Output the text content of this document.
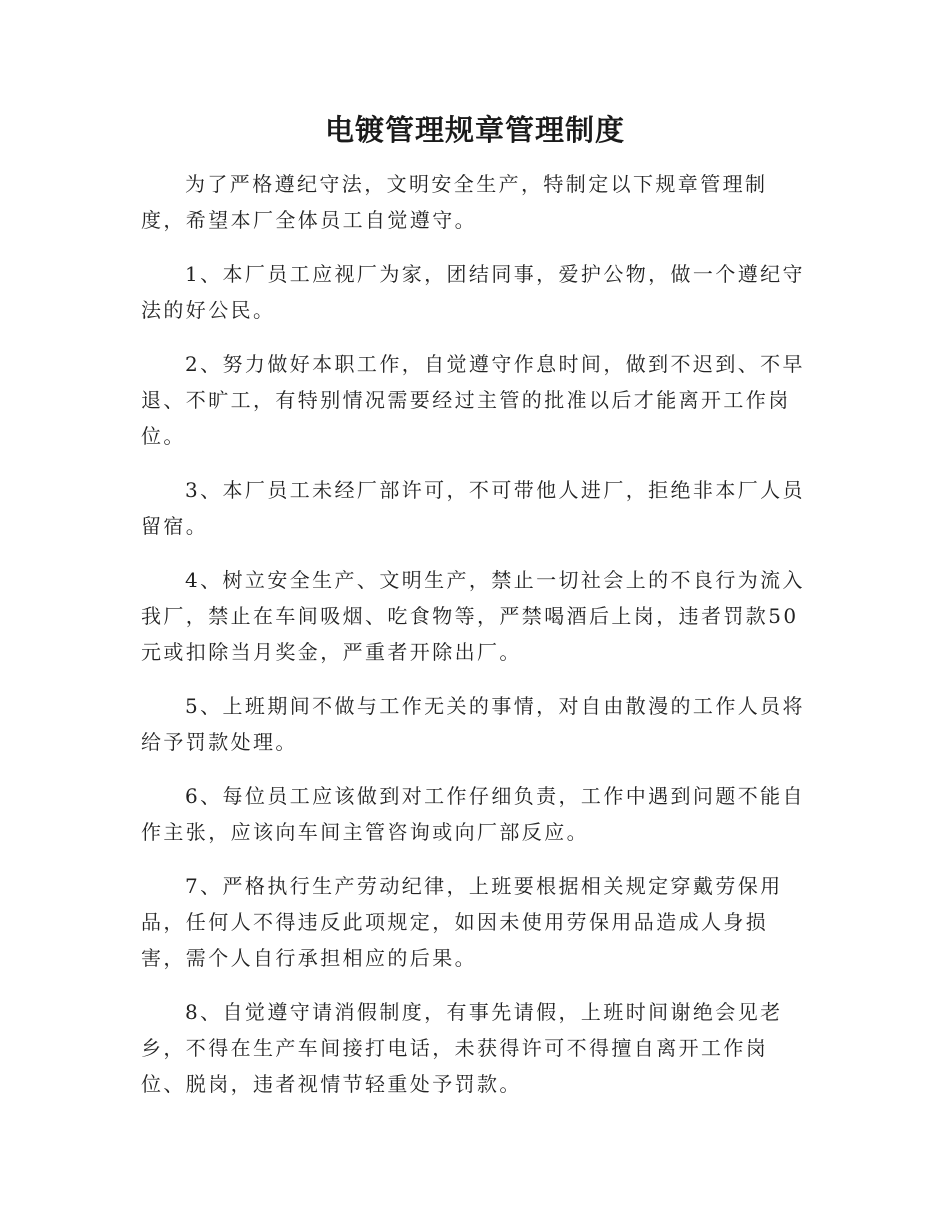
电镀管理规章管理制度

为了严格遵纪守法，文明安全生产，特制定以下规章管理制度，希望本厂全体员工自觉遵守。

1、本厂员工应视厂为家，团结同事，爱护公物，做一个遵纪守法的好公民。

2、努力做好本职工作，自觉遵守作息时间，做到不迟到、不早退、不旷工，有特别情况需要经过主管的批准以后才能离开工作岗位。

3、本厂员工未经厂部许可，不可带他人进厂，拒绝非本厂人员留宿。

4、树立安全生产、文明生产，禁止一切社会上的不良行为流入我厂，禁止在车间吸烟、吃食物等，严禁喝酒后上岗，违者罚款50元或扣除当月奖金，严重者开除出厂。

5、上班期间不做与工作无关的事情，对自由散漫的工作人员将给予罚款处理。

6、每位员工应该做到对工作仔细负责，工作中遇到问题不能自作主张，应该向车间主管咨询或向厂部反应。

7、严格执行生产劳动纪律，上班要根据相关规定穿戴劳保用品，任何人不得违反此项规定，如因未使用劳保用品造成人身损害，需个人自行承担相应的后果。

8、自觉遵守请消假制度，有事先请假，上班时间谢绝会见老乡，不得在生产车间接打电话，未获得许可不得擅自离开工作岗位、脱岗，违者视情节轻重处予罚款。
